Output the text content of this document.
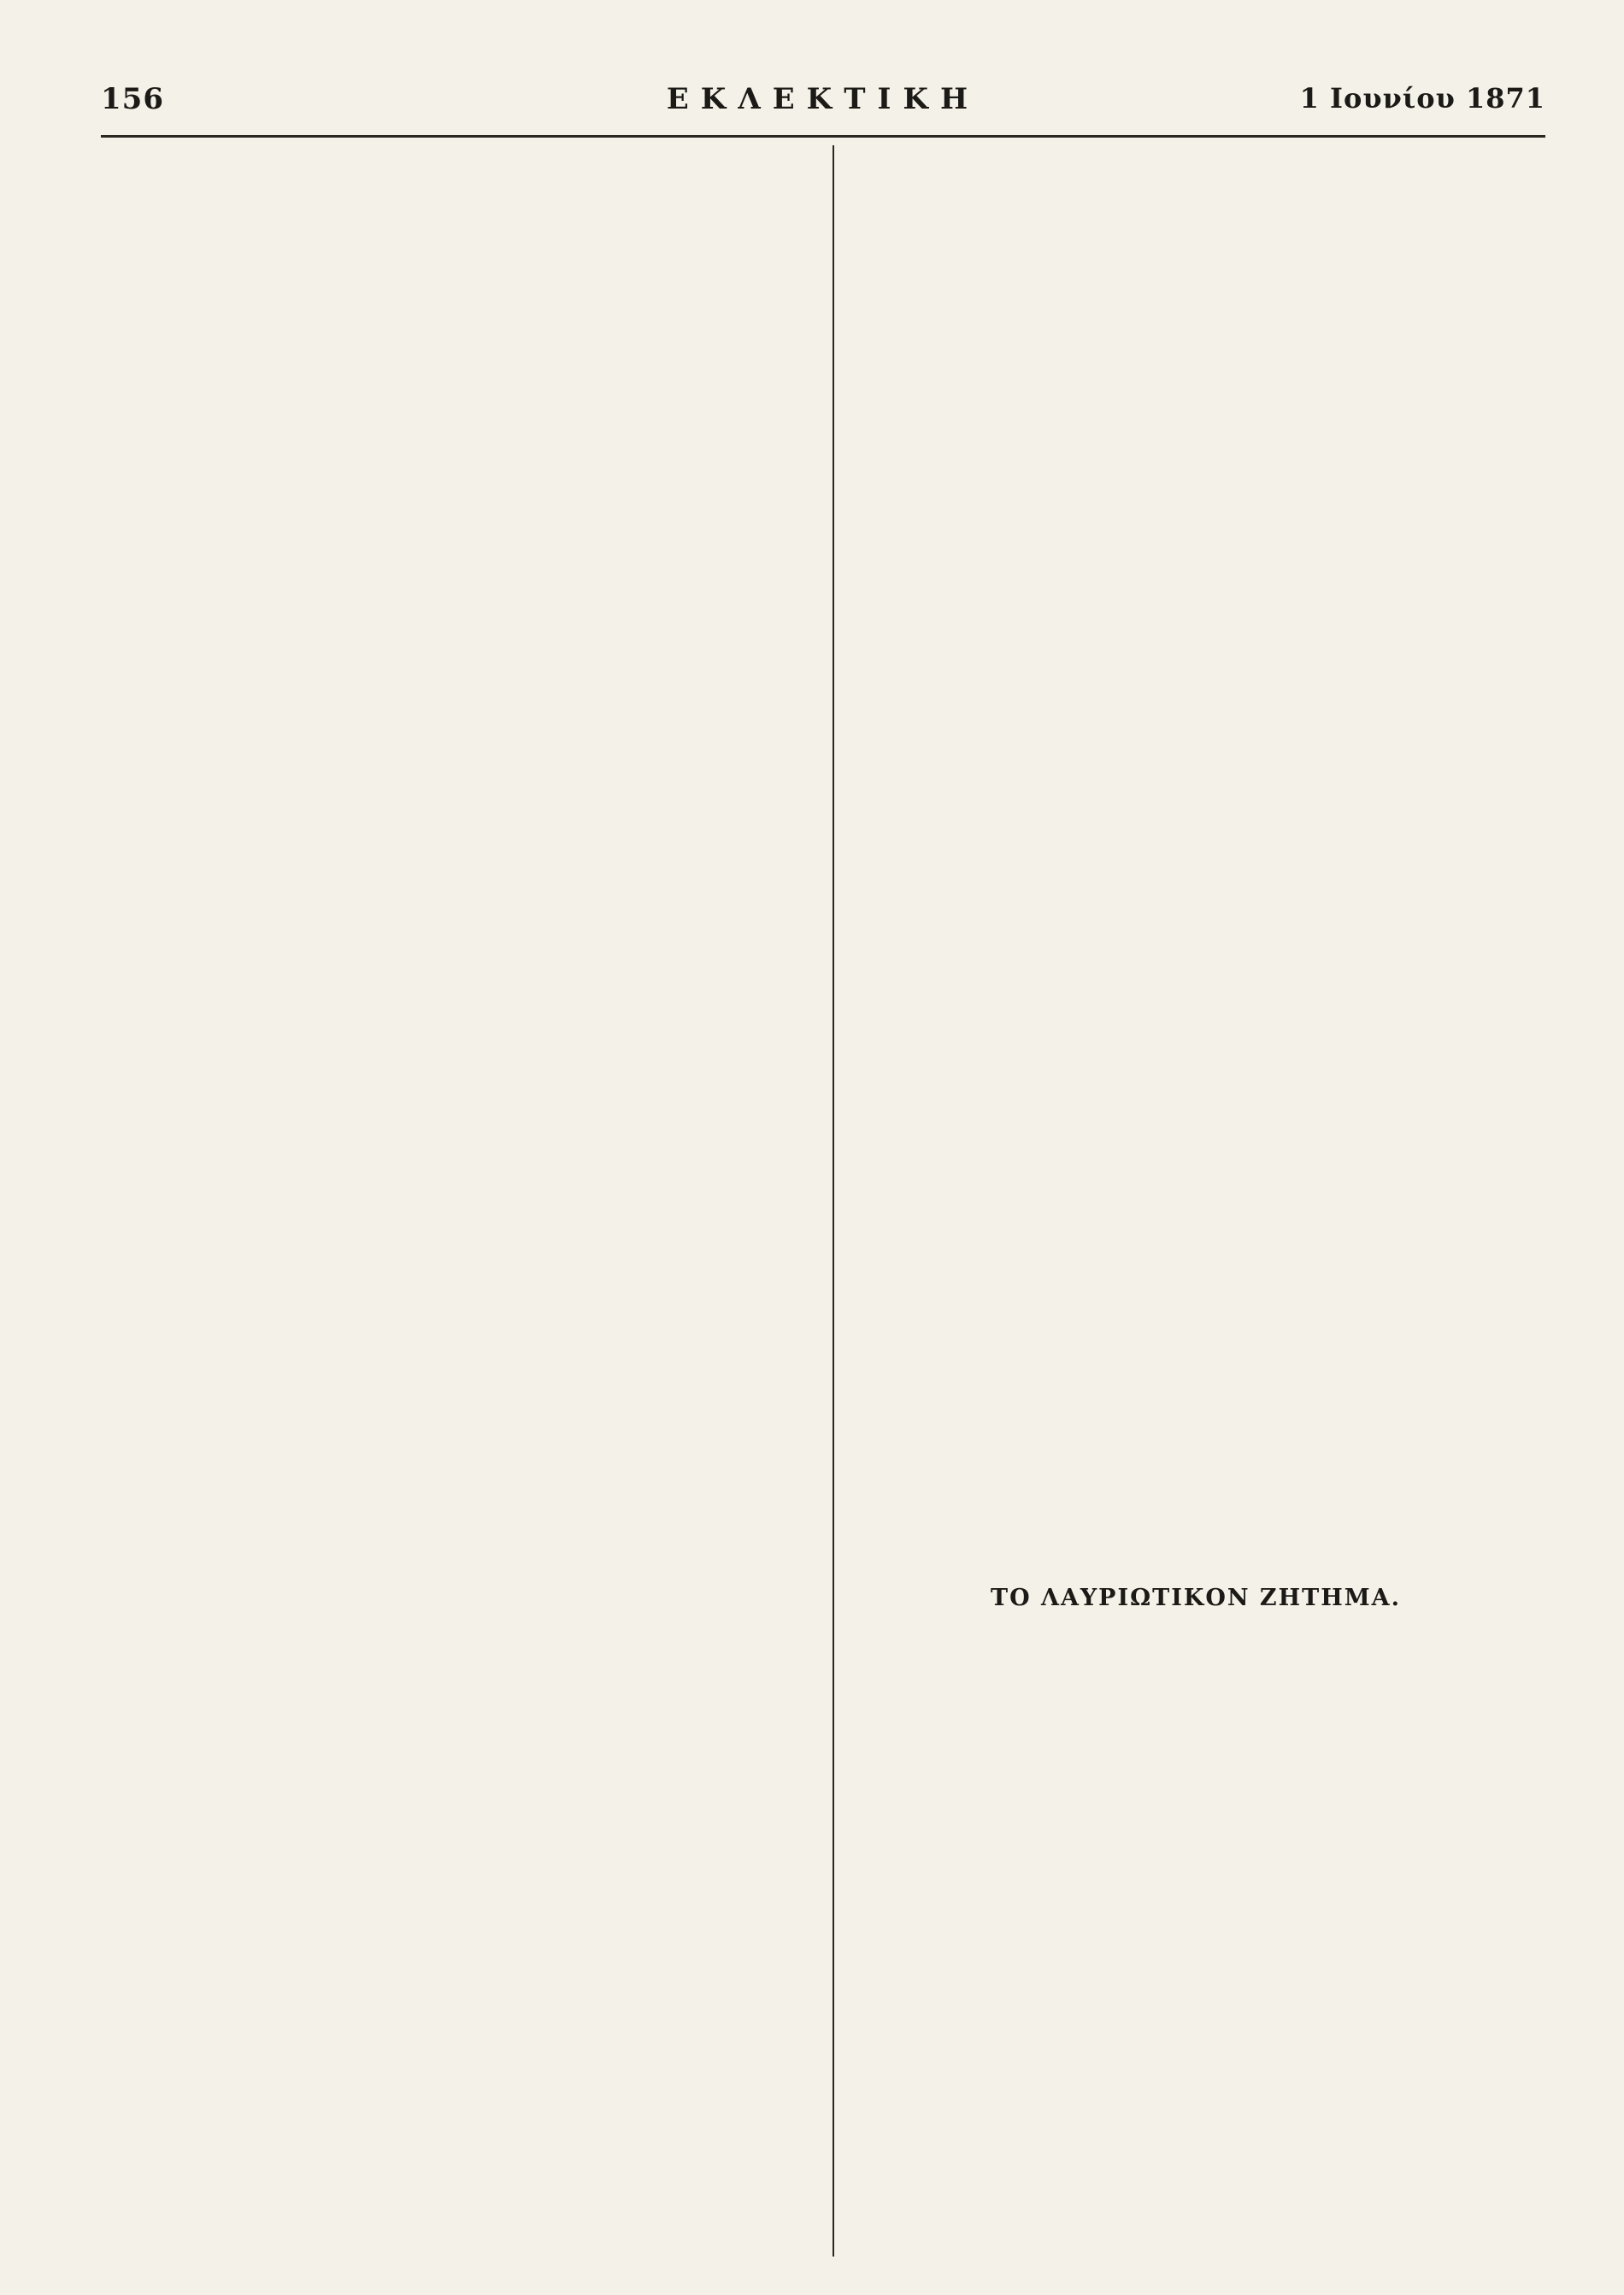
156	ΕΚΛΕΚΤΙΚΗ	1 Ιουνίου 1871
ΤΟ ΛΑΥΡΙΩΤΙΚΟΝ ΖΗΤΗΜΑ.
